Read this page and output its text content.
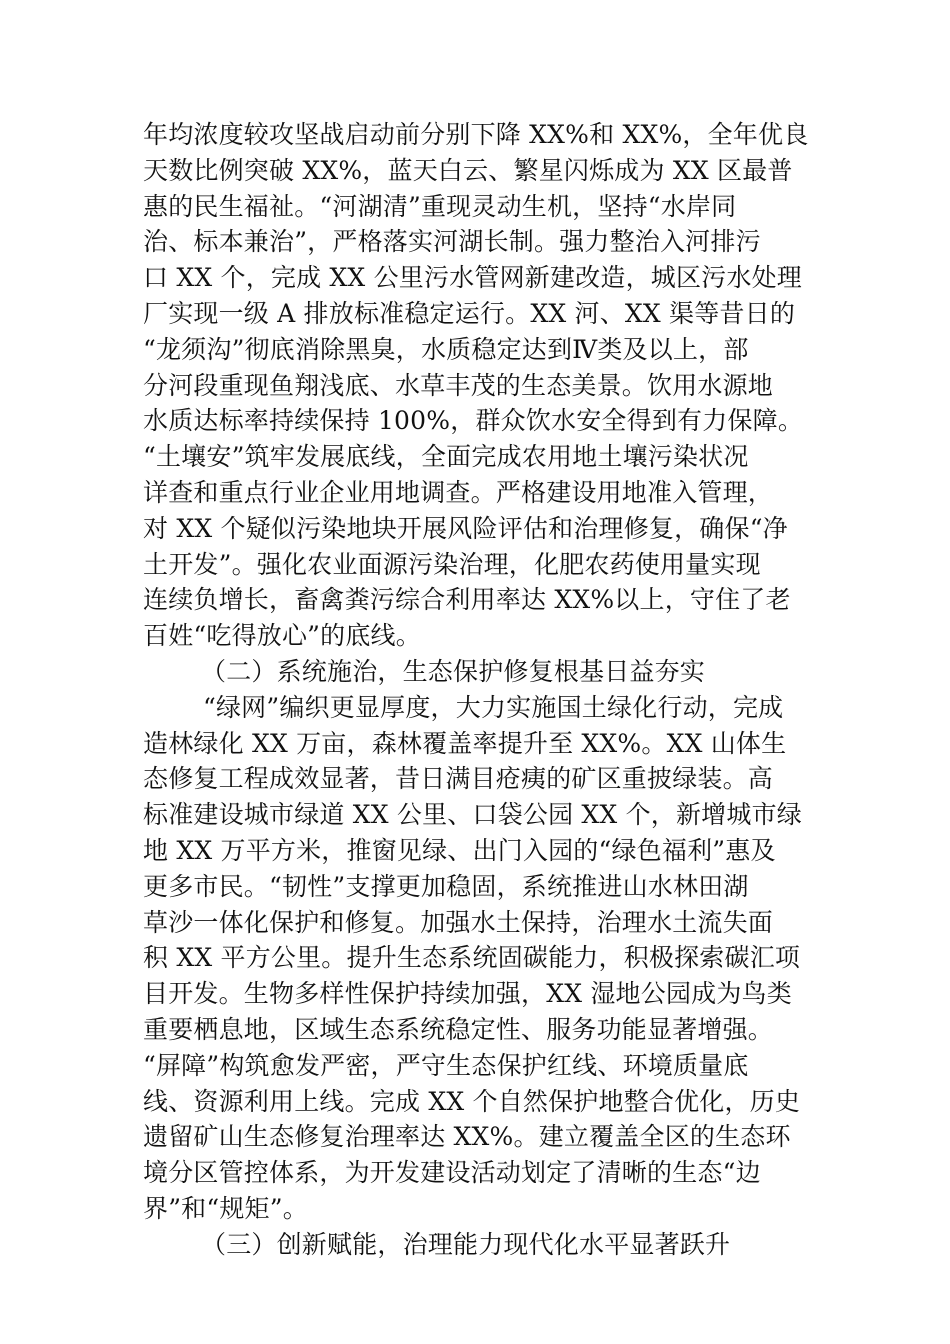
年均浓度较攻坚战启动前分别下降 XX%和 XX%，全年优良
天数比例突破 XX%，蓝天白云、繁星闪烁成为 XX 区最普
惠的民生福祉。“河湖清”重现灵动生机，坚持“水岸同
治、标本兼治”，严格落实河湖长制。强力整治入河排污
口 XX 个，完成 XX 公里污水管网新建改造，城区污水处理
厂实现一级 A 排放标准稳定运行。XX 河、XX 渠等昔日的
“龙须沟”彻底消除黑臭，水质稳定达到Ⅳ类及以上，部
分河段重现鱼翔浅底、水草丰茂的生态美景。饮用水源地
水质达标率持续保持 100%，群众饮水安全得到有力保障。
“土壤安”筑牢发展底线，全面完成农用地土壤污染状况
详查和重点行业企业用地调查。严格建设用地准入管理，
对 XX 个疑似污染地块开展风险评估和治理修复，确保“净
土开发”。强化农业面源污染治理，化肥农药使用量实现
连续负增长，畜禽粪污综合利用率达 XX%以上，守住了老
百姓“吃得放心”的底线。
（二）系统施治，生态保护修复根基日益夯实
“绿网”编织更显厚度，大力实施国土绿化行动，完成
造林绿化 XX 万亩，森林覆盖率提升至 XX%。XX 山体生
态修复工程成效显著，昔日满目疮痍的矿区重披绿装。高
标准建设城市绿道 XX 公里、口袋公园 XX 个，新增城市绿
地 XX 万平方米，推窗见绿、出门入园的“绿色福利”惠及
更多市民。“韧性”支撑更加稳固，系统推进山水林田湖
草沙一体化保护和修复。加强水土保持，治理水土流失面
积 XX 平方公里。提升生态系统固碳能力，积极探索碳汇项
目开发。生物多样性保护持续加强，XX 湿地公园成为鸟类
重要栖息地，区域生态系统稳定性、服务功能显著增强。
“屏障”构筑愈发严密，严守生态保护红线、环境质量底
线、资源利用上线。完成 XX 个自然保护地整合优化，历史
遗留矿山生态修复治理率达 XX%。建立覆盖全区的生态环
境分区管控体系，为开发建设活动划定了清晰的生态“边
界”和“规矩”。
（三）创新赋能，治理能力现代化水平显著跃升
